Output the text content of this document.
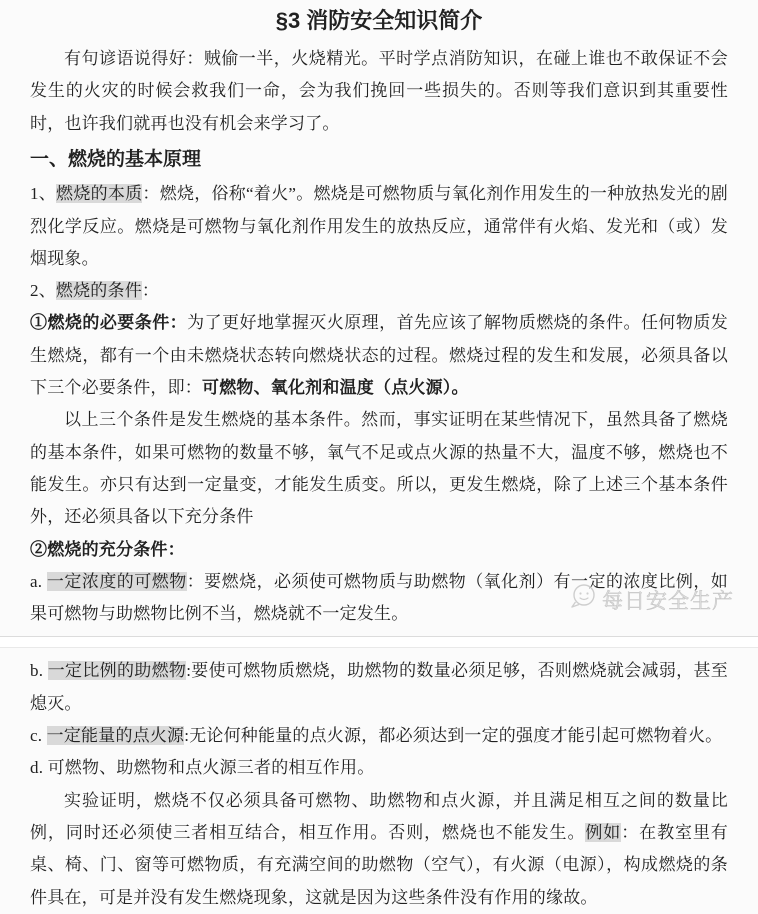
§3 消防安全知识简介

有句谚语说得好：贼偷一半，火烧精光。平时学点消防知识，在碰上谁也不敢保证不会发生的火灾的时候会救我们一命，会为我们挽回一些损失的。否则等我们意识到其重要性时，也许我们就再也没有机会来学习了。

一、燃烧的基本原理

1、燃烧的本质：燃烧，俗称“着火”。燃烧是可燃物质与氧化剂作用发生的一种放热发光的剧烈化学反应。燃烧是可燃物与氧化剂作用发生的放热反应，通常伴有火焰、发光和（或）发烟现象。

2、燃烧的条件：

①燃烧的必要条件：为了更好地掌握灭火原理，首先应该了解物质燃烧的条件。任何物质发生燃烧，都有一个由未燃烧状态转向燃烧状态的过程。燃烧过程的发生和发展，必须具备以下三个必要条件，即：可燃物、氧化剂和温度（点火源）。

以上三个条件是发生燃烧的基本条件。然而，事实证明在某些情况下，虽然具备了燃烧的基本条件，如果可燃物的数量不够，氧气不足或点火源的热量不大，温度不够，燃烧也不能发生。亦只有达到一定量变，才能发生质变。所以，更发生燃烧，除了上述三个基本条件外，还必须具备以下充分条件

②燃烧的充分条件：

a. 一定浓度的可燃物：要燃烧，必须使可燃物质与助燃物（氧化剂）有一定的浓度比例，如果可燃物与助燃物比例不当，燃烧就不一定发生。

b. 一定比例的助燃物:要使可燃物质燃烧，助燃物的数量必须足够，否则燃烧就会减弱，甚至熄灭。

c. 一定能量的点火源:无论何种能量的点火源，都必须达到一定的强度才能引起可燃物着火。

d. 可燃物、助燃物和点火源三者的相互作用。

实验证明，燃烧不仅必须具备可燃物、助燃物和点火源，并且满足相互之间的数量比例，同时还必须使三者相互结合，相互作用。否则，燃烧也不能发生。例如：在教室里有桌、椅、门、窗等可燃物质，有充满空间的助燃物（空气），有火源（电源），构成燃烧的条件具在，可是并没有发生燃烧现象，这就是因为这些条件没有作用的缘故。

每日安全生产
